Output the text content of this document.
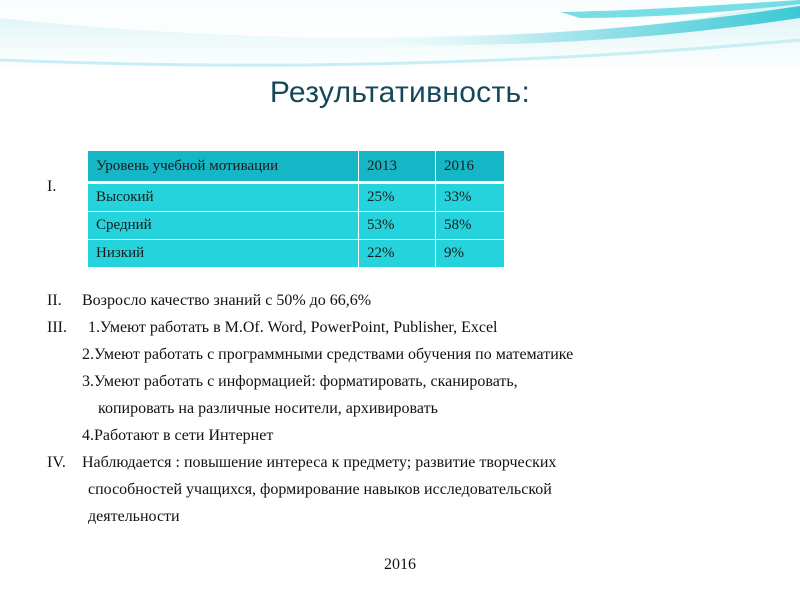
Результативность:
I.
Уровень учебной мотивации	2013	2016
Высокий	25%	33%
Средний	53%	58%
Низкий	22%	9%
II. Возросло качество знаний с 50% до 66,6%
III. 1.Умеют работать в M.Of. Word, PowerPoint, Publisher, Excel
2.Умеют работать с программными средствами обучения по математике
3.Умеют работать с информацией: форматировать, сканировать,
копировать на различные носители, архивировать
4.Работают в сети Интернет
IV. Наблюдается : повышение интереса к предмету; развитие творческих
способностей учащихся, формирование навыков исследовательской
деятельности
2016
